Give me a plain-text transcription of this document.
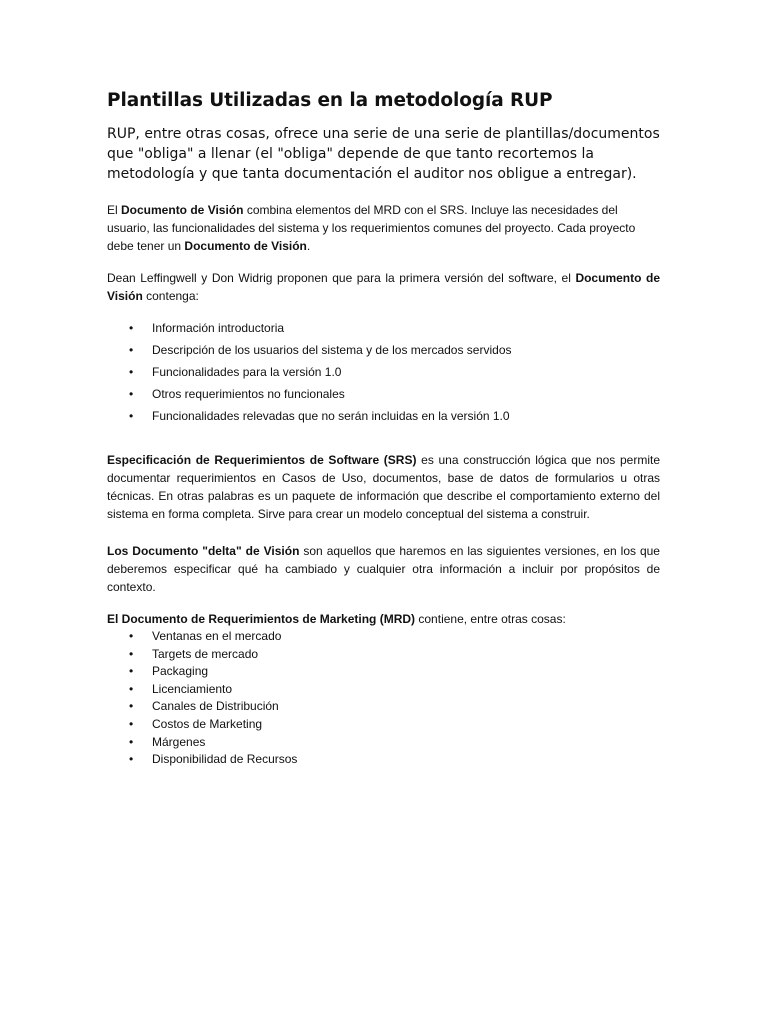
Plantillas Utilizadas en la metodología RUP

RUP, entre otras cosas, ofrece una serie de una serie de plantillas/documentos que "obliga" a llenar (el "obliga" depende de que tanto recortemos la metodología y que tanta documentación el auditor nos obligue a entregar).

El Documento de Visión combina elementos del MRD con el SRS. Incluye las necesidades del usuario, las funcionalidades del sistema y los requerimientos comunes del proyecto. Cada proyecto debe tener un Documento de Visión.

Dean Leffingwell y Don Widrig proponen que para la primera versión del software, el Documento de Visión contenga:

• Información introductoria
• Descripción de los usuarios del sistema y de los mercados servidos
• Funcionalidades para la versión 1.0
• Otros requerimientos no funcionales
• Funcionalidades relevadas que no serán incluidas en la versión 1.0

Especificación de Requerimientos de Software (SRS) es una construcción lógica que nos permite documentar requerimientos en Casos de Uso, documentos, base de datos de formularios u otras técnicas. En otras palabras es un paquete de información que describe el comportamiento externo del sistema en forma completa. Sirve para crear un modelo conceptual del sistema a construir.

Los Documento "delta" de Visión son aquellos que haremos en las siguientes versiones, en los que deberemos especificar qué ha cambiado y cualquier otra información a incluir por propósitos de contexto.

El Documento de Requerimientos de Marketing (MRD) contiene, entre otras cosas:

• Ventanas en el mercado
• Targets de mercado
• Packaging
• Licenciamiento
• Canales de Distribución
• Costos de Marketing
• Márgenes
• Disponibilidad de Recursos
